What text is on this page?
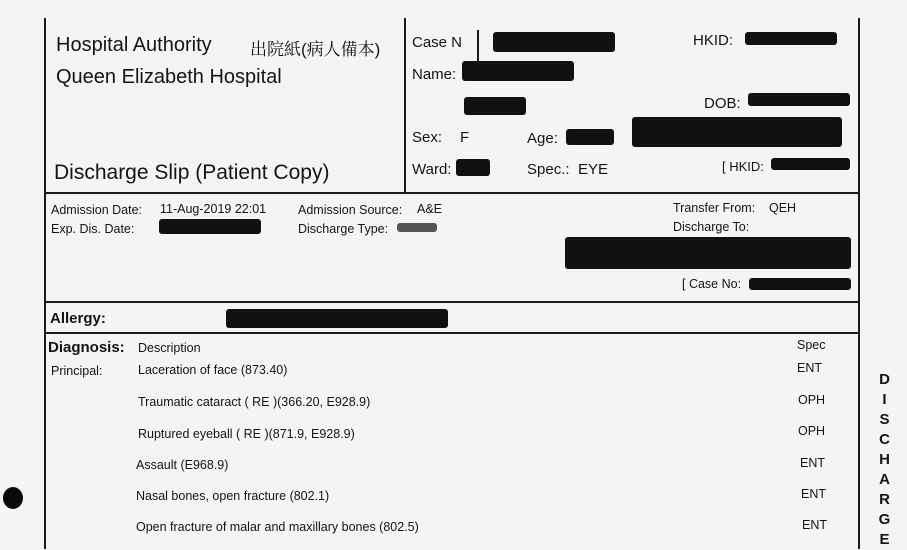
Hospital Authority 出院紙(病人備本)
Queen Elizabeth Hospital
Discharge Slip (Patient Copy)
Case N	HKID:
Name:
DOB:
Sex: F	Age:
Ward:	Spec.: EYE	[ HKID:
Admission Date: 11-Aug-2019 22:01
Exp. Dis. Date:
Admission Source: A&E
Discharge Type:
Transfer From: QEH
Discharge To:
[ Case No:
Allergy:
Diagnosis: Description	Spec
Principal:	Laceration of face (873.40)	ENT
Traumatic cataract ( RE )(366.20, E928.9)	OPH
Ruptured eyeball ( RE )(871.9, E928.9)	OPH
Assault (E968.9)	ENT
Nasal bones, open fracture (802.1)	ENT
Open fracture of malar and maxillary bones (802.5)	ENT
D
I
S
C
H
A
R
G
E
